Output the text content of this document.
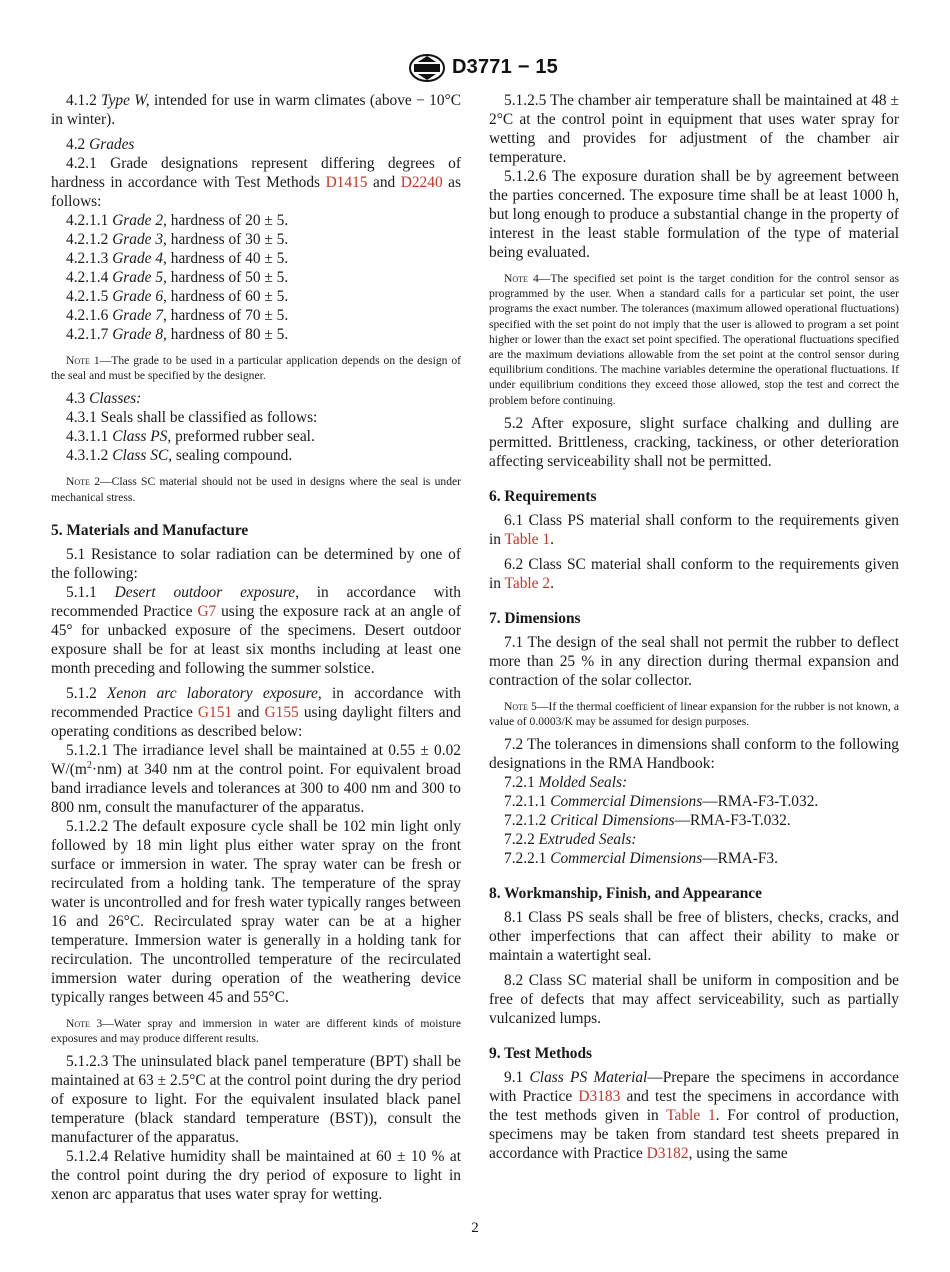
D3771 − 15

4.1.2 Type W, intended for use in warm climates (above − 10°C in winter).

4.2 Grades

4.2.1 Grade designations represent differing degrees of hardness in accordance with Test Methods D1415 and D2240 as follows:

4.2.1.1 Grade 2, hardness of 20 ± 5.

4.2.1.2 Grade 3, hardness of 30 ± 5.

4.2.1.3 Grade 4, hardness of 40 ± 5.

4.2.1.4 Grade 5, hardness of 50 ± 5.

4.2.1.5 Grade 6, hardness of 60 ± 5.

4.2.1.6 Grade 7, hardness of 70 ± 5.

4.2.1.7 Grade 8, hardness of 80 ± 5.

Note 1—The grade to be used in a particular application depends on the design of the seal and must be specified by the designer.

4.3 Classes:

4.3.1 Seals shall be classified as follows:

4.3.1.1 Class PS, preformed rubber seal.

4.3.1.2 Class SC, sealing compound.

Note 2—Class SC material should not be used in designs where the seal is under mechanical stress.
5. Materials and Manufacture

5.1 Resistance to solar radiation can be determined by one of the following:

5.1.1 Desert outdoor exposure, in accordance with recommended Practice G7 using the exposure rack at an angle of 45° for unbacked exposure of the specimens. Desert outdoor exposure shall be for at least six months including at least one month preceding and following the summer solstice.

5.1.2 Xenon arc laboratory exposure, in accordance with recommended Practice G151 and G155 using daylight filters and operating conditions as described below:

5.1.2.1 The irradiance level shall be maintained at 0.55 ± 0.02 $W/(m^2\cdot nm)$ at 340 nm at the control point. For equivalent broad band irradiance levels and tolerances at 300 to 400 nm and 300 to 800 nm, consult the manufacturer of the apparatus.

5.1.2.2 The default exposure cycle shall be 102 min light only followed by 18 min light plus either water spray on the front surface or immersion in water. The spray water can be fresh or recirculated from a holding tank. The temperature of the spray water is uncontrolled and for fresh water typically ranges between 16 and 26°C. Recirculated spray water can be at a higher temperature. Immersion water is generally in a holding tank for recirculation. The uncontrolled temperature of the recirculated immersion water during operation of the weathering device typically ranges between 45 and 55°C.

Note 3—Water spray and immersion in water are different kinds of moisture exposures and may produce different results.

5.1.2.3 The uninsulated black panel temperature (BPT) shall be maintained at 63 ± 2.5°C at the control point during the dry period of exposure to light. For the equivalent insulated black panel temperature (black standard temperature (BST)), consult the manufacturer of the apparatus.

5.1.2.4 Relative humidity shall be maintained at 60 ± 10 % at the control point during the dry period of exposure to light in xenon arc apparatus that uses water spray for wetting.

5.1.2.5 The chamber air temperature shall be maintained at 48 ± 2°C at the control point in equipment that uses water spray for wetting and provides for adjustment of the chamber air temperature.

5.1.2.6 The exposure duration shall be by agreement between the parties concerned. The exposure time shall be at least 1000 h, but long enough to produce a substantial change in the property of interest in the least stable formulation of the type of material being evaluated.

Note 4—The specified set point is the target condition for the control sensor as programmed by the user. When a standard calls for a particular set point, the user programs the exact number. The tolerances (maximum allowed operational fluctuations) specified with the set point do not imply that the user is allowed to program a set point higher or lower than the exact set point specified. The operational fluctuations specified are the maximum deviations allowable from the set point at the control sensor during equilibrium conditions. The machine variables determine the operational fluctuations. If under equilibrium conditions they exceed those allowed, stop the test and correct the problem before continuing.

5.2 After exposure, slight surface chalking and dulling are permitted. Brittleness, cracking, tackiness, or other deterioration affecting serviceability shall not be permitted.

6. Requirements

6.1 Class PS material shall conform to the requirements given in Table 1.

6.2 Class SC material shall conform to the requirements given in Table 2.

7. Dimensions

7.1 The design of the seal shall not permit the rubber to deflect more than 25 % in any direction during thermal expansion and contraction of the solar collector.

Note 5—If the thermal coefficient of linear expansion for the rubber is not known, a value of 0.0003/K may be assumed for design purposes.

7.2 The tolerances in dimensions shall conform to the following designations in the RMA Handbook:

7.2.1 Molded Seals:

7.2.1.1 Commercial Dimensions—RMA-F3-T.032.

7.2.1.2 Critical Dimensions—RMA-F3-T.032.

7.2.2 Extruded Seals:

7.2.2.1 Commercial Dimensions—RMA-F3.

8. Workmanship, Finish, and Appearance

8.1 Class PS seals shall be free of blisters, checks, cracks, and other imperfections that can affect their ability to make or maintain a watertight seal.

8.2 Class SC material shall be uniform in composition and be free of defects that may affect serviceability, such as partially vulcanized lumps.

9. Test Methods

9.1 Class PS Material—Prepare the specimens in accordance with Practice D3183 and test the specimens in accordance with the test methods given in Table 1. For control of production, specimens may be taken from standard test sheets prepared in accordance with Practice D3182, using the same

2
